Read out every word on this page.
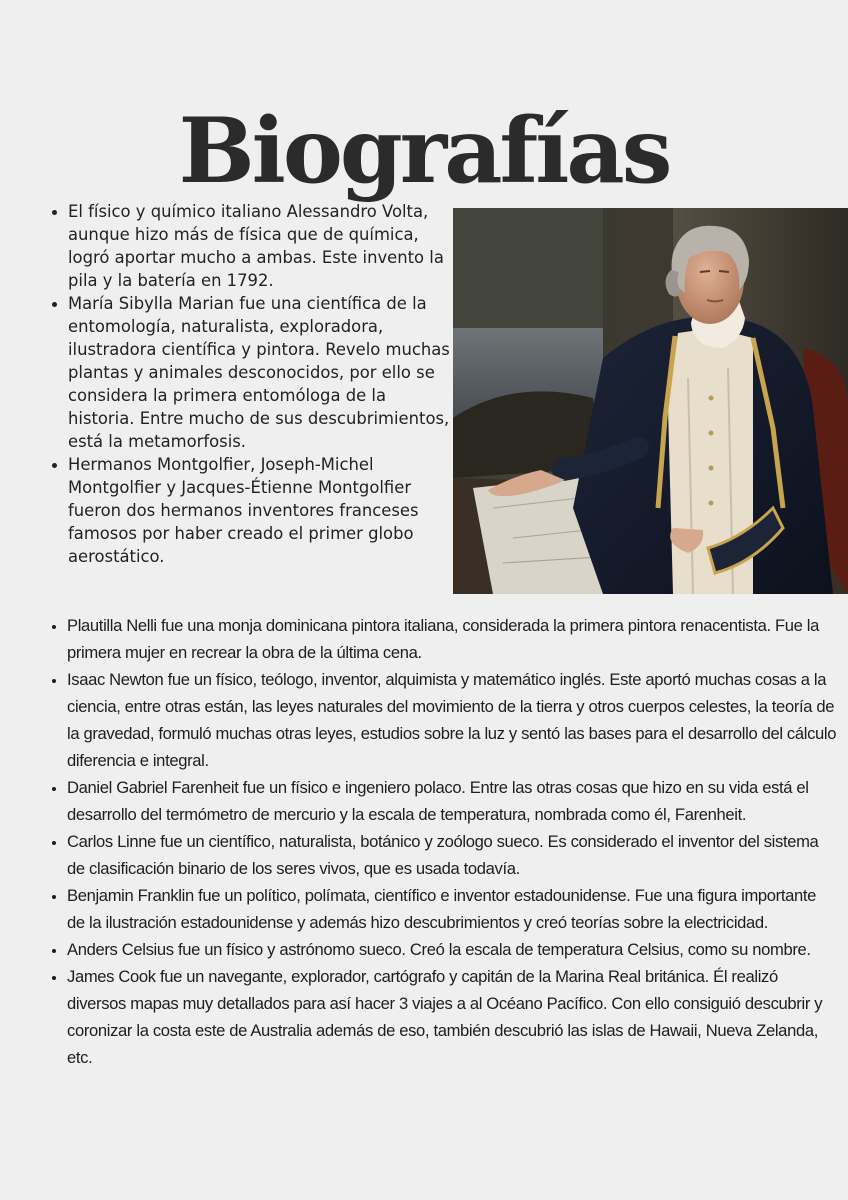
Biografías
• El físico y químico italiano Alessandro Volta, aunque hizo más de física que de química, logró aportar mucho a ambas. Este invento la pila y la batería en 1792.
• María Sibylla Marian fue una científica de la entomología, naturalista, exploradora, ilustradora científica y pintora. Revelo muchas plantas y animales desconocidos, por ello se considera la primera entomóloga de la historia. Entre mucho de sus descubrimientos, está la metamorfosis.
• Hermanos Montgolfier, Joseph-Michel Montgolfier y Jacques-Étienne Montgolfier fueron dos hermanos inventores franceses famosos por haber creado el primer globo aerostático.
• Plautilla Nelli fue una monja dominicana pintora italiana, considerada la primera pintora renacentista. Fue la primera mujer en recrear la obra de la última cena.
• Isaac Newton fue un físico, teólogo, inventor, alquimista y matemático inglés. Este aportó muchas cosas a la ciencia, entre otras están, las leyes naturales del movimiento de la tierra y otros cuerpos celestes, la teoría de la gravedad, formuló muchas otras leyes, estudios sobre la luz y sentó las bases para el desarrollo del cálculo diferencia e integral.
• Daniel Gabriel Farenheit fue un físico e ingeniero polaco. Entre las otras cosas que hizo en su vida está el desarrollo del termómetro de mercurio y la escala de temperatura, nombrada como él, Farenheit.
• Carlos Linne fue un científico, naturalista, botánico y zoólogo sueco. Es considerado el inventor del sistema de clasificación binario de los seres vivos, que es usada todavía.
• Benjamin Franklin fue un político, polímata, científico e inventor estadounidense. Fue una figura importante de la ilustración estadounidense y además hizo descubrimientos y creó teorías sobre la electricidad.
• Anders Celsius fue un físico y astrónomo sueco. Creó la escala de temperatura Celsius, como su nombre.
• James Cook fue un navegante, explorador, cartógrafo y capitán de la Marina Real británica. Él realizó diversos mapas muy detallados para así hacer 3 viajes a al Océano Pacífico. Con ello consiguió descubrir y coronizar la costa este de Australia además de eso, también descubrió las islas de Hawaii, Nueva Zelanda, etc.
